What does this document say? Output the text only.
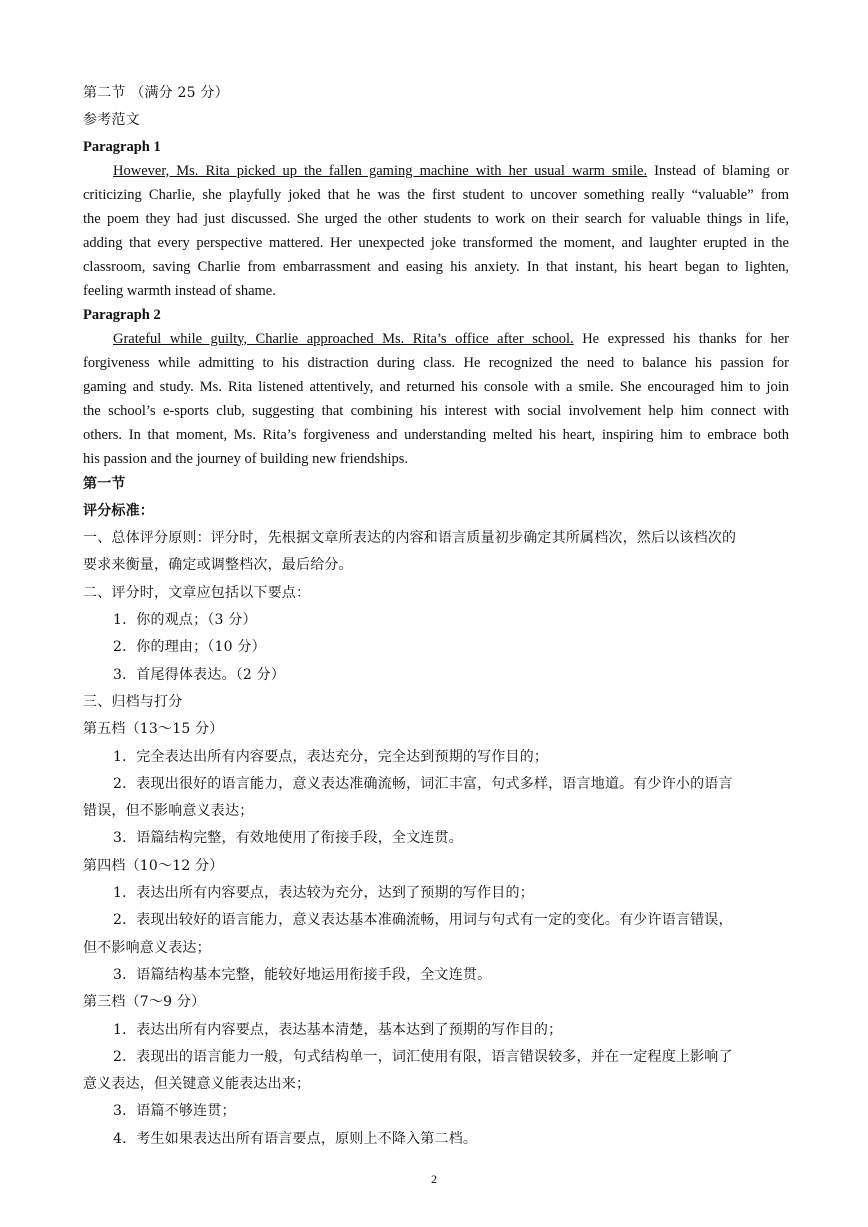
第二节 （满分 25 分）
参考范文
Paragraph 1
However, Ms. Rita picked up the fallen gaming machine with her usual warm smile. Instead of blaming or
criticizing Charlie, she playfully joked that he was the first student to uncover something really “valuable” from
the poem they had just discussed. She urged the other students to work on their search for valuable things in life,
adding that every perspective mattered. Her unexpected joke transformed the moment, and laughter erupted in the
classroom, saving Charlie from embarrassment and easing his anxiety. In that instant, his heart began to lighten,
feeling warmth instead of shame.
Paragraph 2
Grateful while guilty, Charlie approached Ms. Rita’s office after school. He expressed his thanks for her
forgiveness while admitting to his distraction during class. He recognized the need to balance his passion for
gaming and study. Ms. Rita listened attentively, and returned his console with a smile. She encouraged him to join
the school’s e-sports club, suggesting that combining his interest with social involvement help him connect with
others. In that moment, Ms. Rita’s forgiveness and understanding melted his heart, inspiring him to embrace both
his passion and the journey of building new friendships.
第一节
评分标准：
一、总体评分原则：评分时，先根据文章所表达的内容和语言质量初步确定其所属档次，然后以该档次的
要求来衡量，确定或调整档次，最后给分。
二、评分时，文章应包括以下要点：
1．你的观点；（3 分）
2．你的理由；（10 分）
3．首尾得体表达。（2 分）
三、归档与打分
第五档（13～15 分）
1．完全表达出所有内容要点，表达充分，完全达到预期的写作目的；
2．表现出很好的语言能力，意义表达准确流畅，词汇丰富，句式多样，语言地道。有少许小的语言
错误，但不影响意义表达；
3．语篇结构完整，有效地使用了衔接手段，全文连贯。
第四档（10～12 分）
1．表达出所有内容要点，表达较为充分，达到了预期的写作目的；
2．表现出较好的语言能力，意义表达基本准确流畅，用词与句式有一定的变化。有少许语言错误，
但不影响意义表达；
3．语篇结构基本完整，能较好地运用衔接手段，全文连贯。
第三档（7～9 分）
1．表达出所有内容要点，表达基本清楚，基本达到了预期的写作目的；
2．表现出的语言能力一般，句式结构单一，词汇使用有限，语言错误较多，并在一定程度上影响了
意义表达，但关键意义能表达出来；
3．语篇不够连贯；
4．考生如果表达出所有语言要点，原则上不降入第二档。
2
